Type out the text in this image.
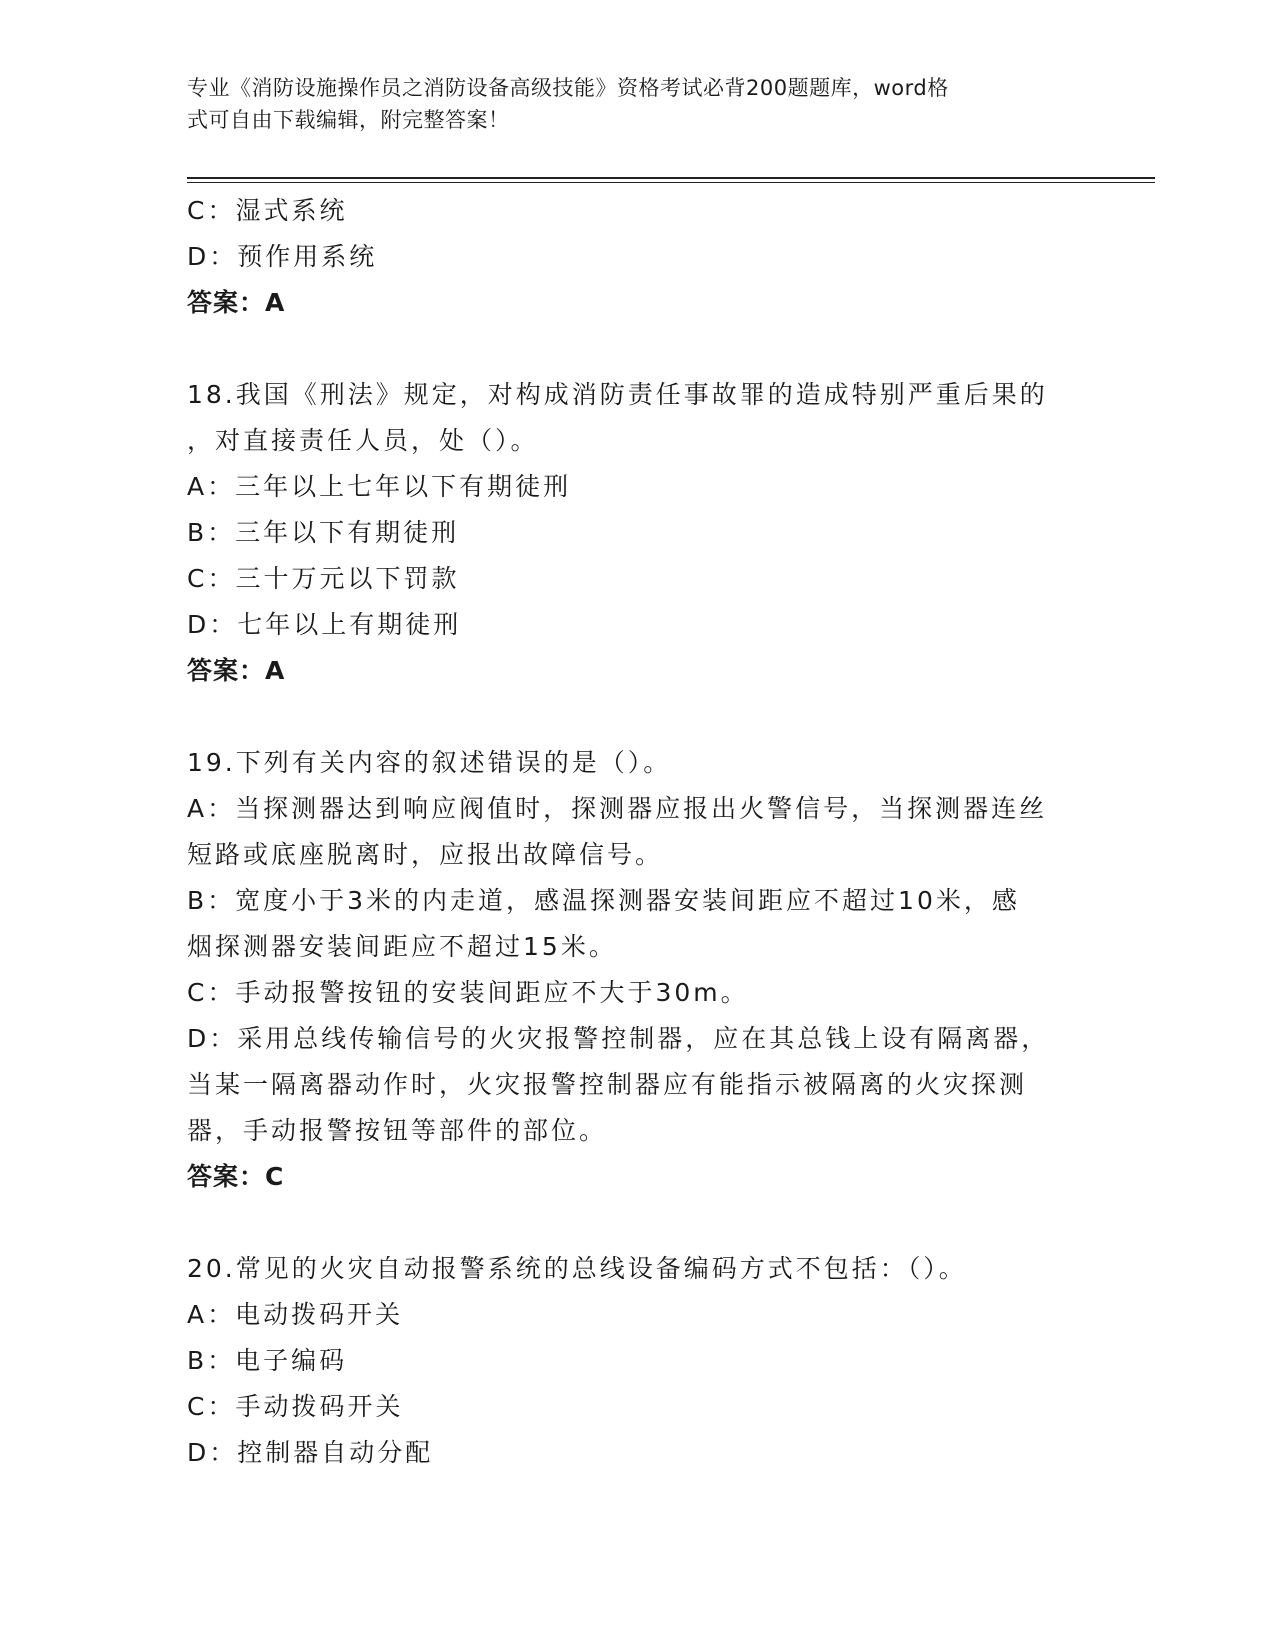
专业《消防设施操作员之消防设备高级技能》资格考试必背200题题库，word格
式可自由下载编辑，附完整答案！
C：湿式系统
D：预作用系统
答案：A
18.我国《刑法》规定，对构成消防责任事故罪的造成特别严重后果的
，对直接责任人员，处（）。
A：三年以上七年以下有期徒刑
B：三年以下有期徒刑
C：三十万元以下罚款
D：七年以上有期徒刑
答案：A
19.下列有关内容的叙述错误的是（）。
A：当探测器达到响应阀值时，探测器应报出火警信号，当探测器连丝
短路或底座脱离时，应报出故障信号。
B：宽度小于3米的内走道，感温探测器安装间距应不超过10米，感
烟探测器安装间距应不超过15米。
C：手动报警按钮的安装间距应不大于30m。
D：采用总线传输信号的火灾报警控制器，应在其总钱上设有隔离器，
当某一隔离器动作时，火灾报警控制器应有能指示被隔离的火灾探测
器，手动报警按钮等部件的部位。
答案：C
20.常见的火灾自动报警系统的总线设备编码方式不包括：（）。
A：电动拨码开关
B：电子编码
C：手动拨码开关
D：控制器自动分配
